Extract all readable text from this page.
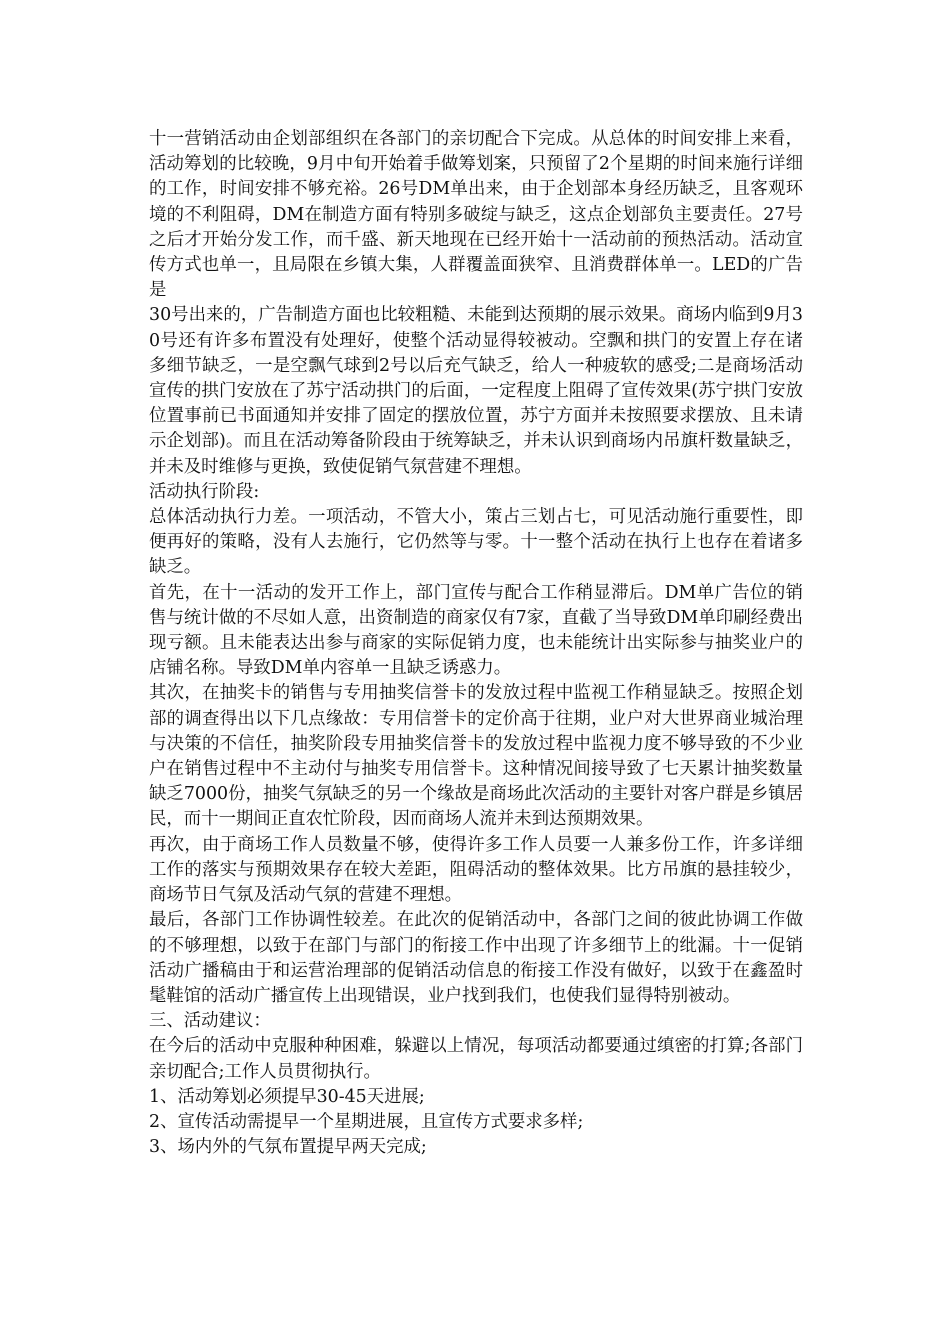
十一营销活动由企划部组织在各部门的亲切配合下完成。从总体的时间安排上来看，活动筹划的比较晚，9月中旬开始着手做筹划案，只预留了2个星期的时间来施行详细的工作，时间安排不够充裕。26号DM单出来，由于企划部本身经历缺乏，且客观环境的不利阻碍，DM在制造方面有特别多破绽与缺乏，这点企划部负主要责任。27号之后才开始分发工作，而千盛、新天地现在已经开始十一活动前的预热活动。活动宣传方式也单一，且局限在乡镇大集，人群覆盖面狭窄、且消费群体单一。LED的广告是

30号出来的，广告制造方面也比较粗糙、未能到达预期的展示效果。商场内临到9月30号还有许多布置没有处理好，使整个活动显得较被动。空飘和拱门的安置上存在诸多细节缺乏，一是空飘气球到2号以后充气缺乏，给人一种疲软的感受;二是商场活动宣传的拱门安放在了苏宁活动拱门的后面，一定程度上阻碍了宣传效果(苏宁拱门安放位置事前已书面通知并安排了固定的摆放位置，苏宁方面并未按照要求摆放、且未请示企划部)。而且在活动筹备阶段由于统筹缺乏，并未认识到商场内吊旗杆数量缺乏，并未及时维修与更换，致使促销气氛营建不理想。

活动执行阶段:

总体活动执行力差。一项活动，不管大小，策占三划占七，可见活动施行重要性，即便再好的策略，没有人去施行，它仍然等与零。十一整个活动在执行上也存在着诸多缺乏。

首先，在十一活动的发开工作上，部门宣传与配合工作稍显滞后。DM单广告位的销售与统计做的不尽如人意，出资制造的商家仅有7家，直截了当导致DM单印刷经费出现亏额。且未能表达出参与商家的实际促销力度，也未能统计出实际参与抽奖业户的店铺名称。导致DM单内容单一且缺乏诱惑力。

其次，在抽奖卡的销售与专用抽奖信誉卡的发放过程中监视工作稍显缺乏。按照企划部的调查得出以下几点缘故：专用信誉卡的定价高于往期，业户对大世界商业城治理与决策的不信任，抽奖阶段专用抽奖信誉卡的发放过程中监视力度不够导致的不少业户在销售过程中不主动付与抽奖专用信誉卡。这种情况间接导致了七天累计抽奖数量缺乏7000份，抽奖气氛缺乏的另一个缘故是商场此次活动的主要针对客户群是乡镇居民，而十一期间正直农忙阶段，因而商场人流并未到达预期效果。

再次，由于商场工作人员数量不够，使得许多工作人员要一人兼多份工作，许多详细工作的落实与预期效果存在较大差距，阻碍活动的整体效果。比方吊旗的悬挂较少，商场节日气氛及活动气氛的营建不理想。

最后，各部门工作协调性较差。在此次的促销活动中，各部门之间的彼此协调工作做的不够理想，以致于在部门与部门的衔接工作中出现了许多细节上的纰漏。十一促销活动广播稿由于和运营治理部的促销活动信息的衔接工作没有做好，以致于在鑫盈时髦鞋馆的活动广播宣传上出现错误，业户找到我们，也使我们显得特别被动。

三、活动建议：

在今后的活动中克服种种困难，躲避以上情况，每项活动都要通过缜密的打算;各部门亲切配合;工作人员贯彻执行。

1、活动筹划必须提早30-45天进展;

2、宣传活动需提早一个星期进展，且宣传方式要求多样;

3、场内外的气氛布置提早两天完成;
